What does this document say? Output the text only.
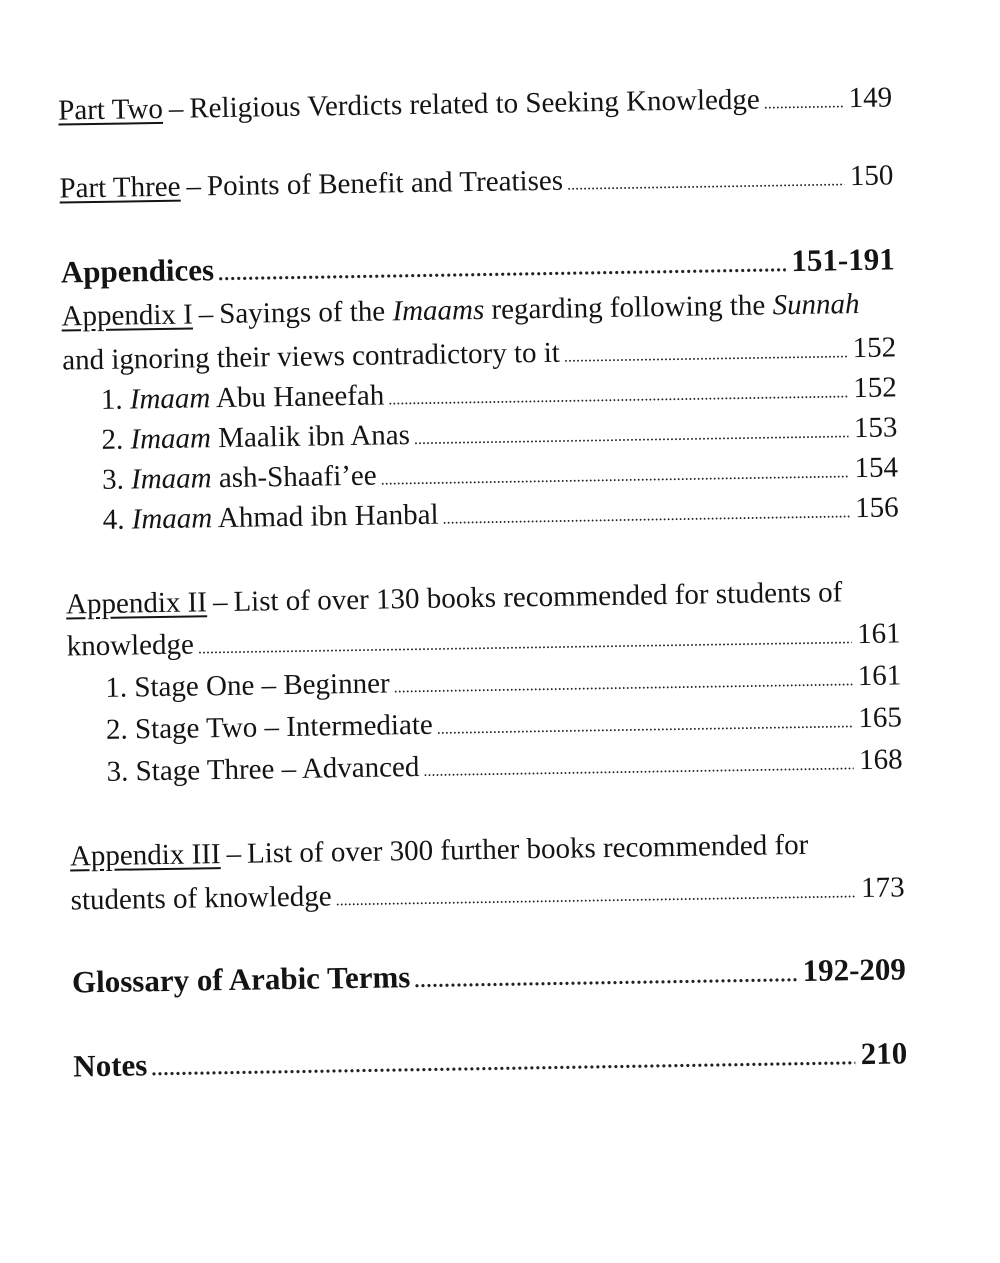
Part Two – Religious Verdicts related to Seeking Knowledge . . .	149
Part Three – Points of Benefit and Treatises . . .	150
Appendices . . .	151-191
Appendix I – Sayings of the Imaams regarding following the Sunnah
and ignoring their views contradictory to it . . .	152
1. Imaam Abu Haneefah . . .	152
2. Imaam Maalik ibn Anas . . .	153
3. Imaam ash-Shaafi’ee . . .	154
4. Imaam Ahmad ibn Hanbal . . .	156
Appendix II – List of over 130 books recommended for students of
knowledge . . .	161
1. Stage One – Beginner . . .	161
2. Stage Two – Intermediate . . .	165
3. Stage Three – Advanced . . .	168
Appendix III – List of over 300 further books recommended for
students of knowledge . . .	173
Glossary of Arabic Terms . . .	192-209
Notes . . .	210
